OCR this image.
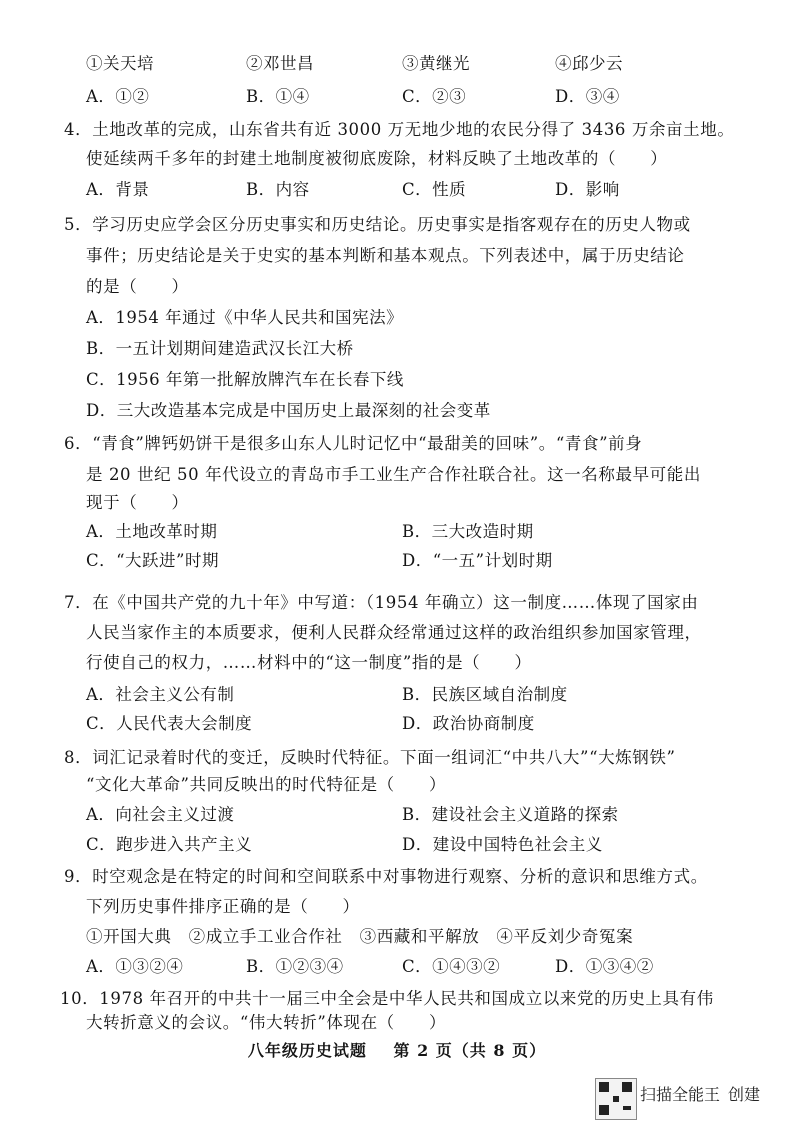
①关天培	②邓世昌	③黄继光	④邱少云
A．①②	B．①④	C．②③	D．③④
4．土地改革的完成，山东省共有近 3000 万无地少地的农民分得了 3436 万余亩土地。
使延续两千多年的封建土地制度被彻底废除，材料反映了土地改革的（　　）
A．背景	B．内容	C．性质	D．影响
5．学习历史应学会区分历史事实和历史结论。历史事实是指客观存在的历史人物或
事件；历史结论是关于史实的基本判断和基本观点。下列表述中，属于历史结论
的是（　　）
A．1954 年通过《中华人民共和国宪法》
B．一五计划期间建造武汉长江大桥
C．1956 年第一批解放牌汽车在长春下线
D．三大改造基本完成是中国历史上最深刻的社会变革
6．“青食”牌钙奶饼干是很多山东人儿时记忆中“最甜美的回味”。“青食”前身
是 20 世纪 50 年代设立的青岛市手工业生产合作社联合社。这一名称最早可能出
现于（　　）
A．土地改革时期	B．三大改造时期
C．“大跃进”时期	D．“一五”计划时期
7．在《中国共产党的九十年》中写道：（1954 年确立）这一制度……体现了国家由
人民当家作主的本质要求，便利人民群众经常通过这样的政治组织参加国家管理，
行使自己的权力，……材料中的“这一制度”指的是（　　）
A．社会主义公有制	B．民族区域自治制度
C．人民代表大会制度	D．政治协商制度
8．词汇记录着时代的变迁，反映时代特征。下面一组词汇“中共八大”“大炼钢铁”
“文化大革命”共同反映出的时代特征是（　　）
A．向社会主义过渡	B．建设社会主义道路的探索
C．跑步进入共产主义	D．建设中国特色社会主义
9．时空观念是在特定的时间和空间联系中对事物进行观察、分析的意识和思维方式。
下列历史事件排序正确的是（　　）
①开国大典　②成立手工业合作社　③西藏和平解放　④平反刘少奇冤案
A．①③②④	B．①②③④	C．①④③②	D．①③④②
10．1978 年召开的中共十一届三中全会是中华人民共和国成立以来党的历史上具有伟
大转折意义的会议。“伟大转折”体现在（　　）
八年级历史试题 第 2 页（共 8 页）
扫描全能王 创建
